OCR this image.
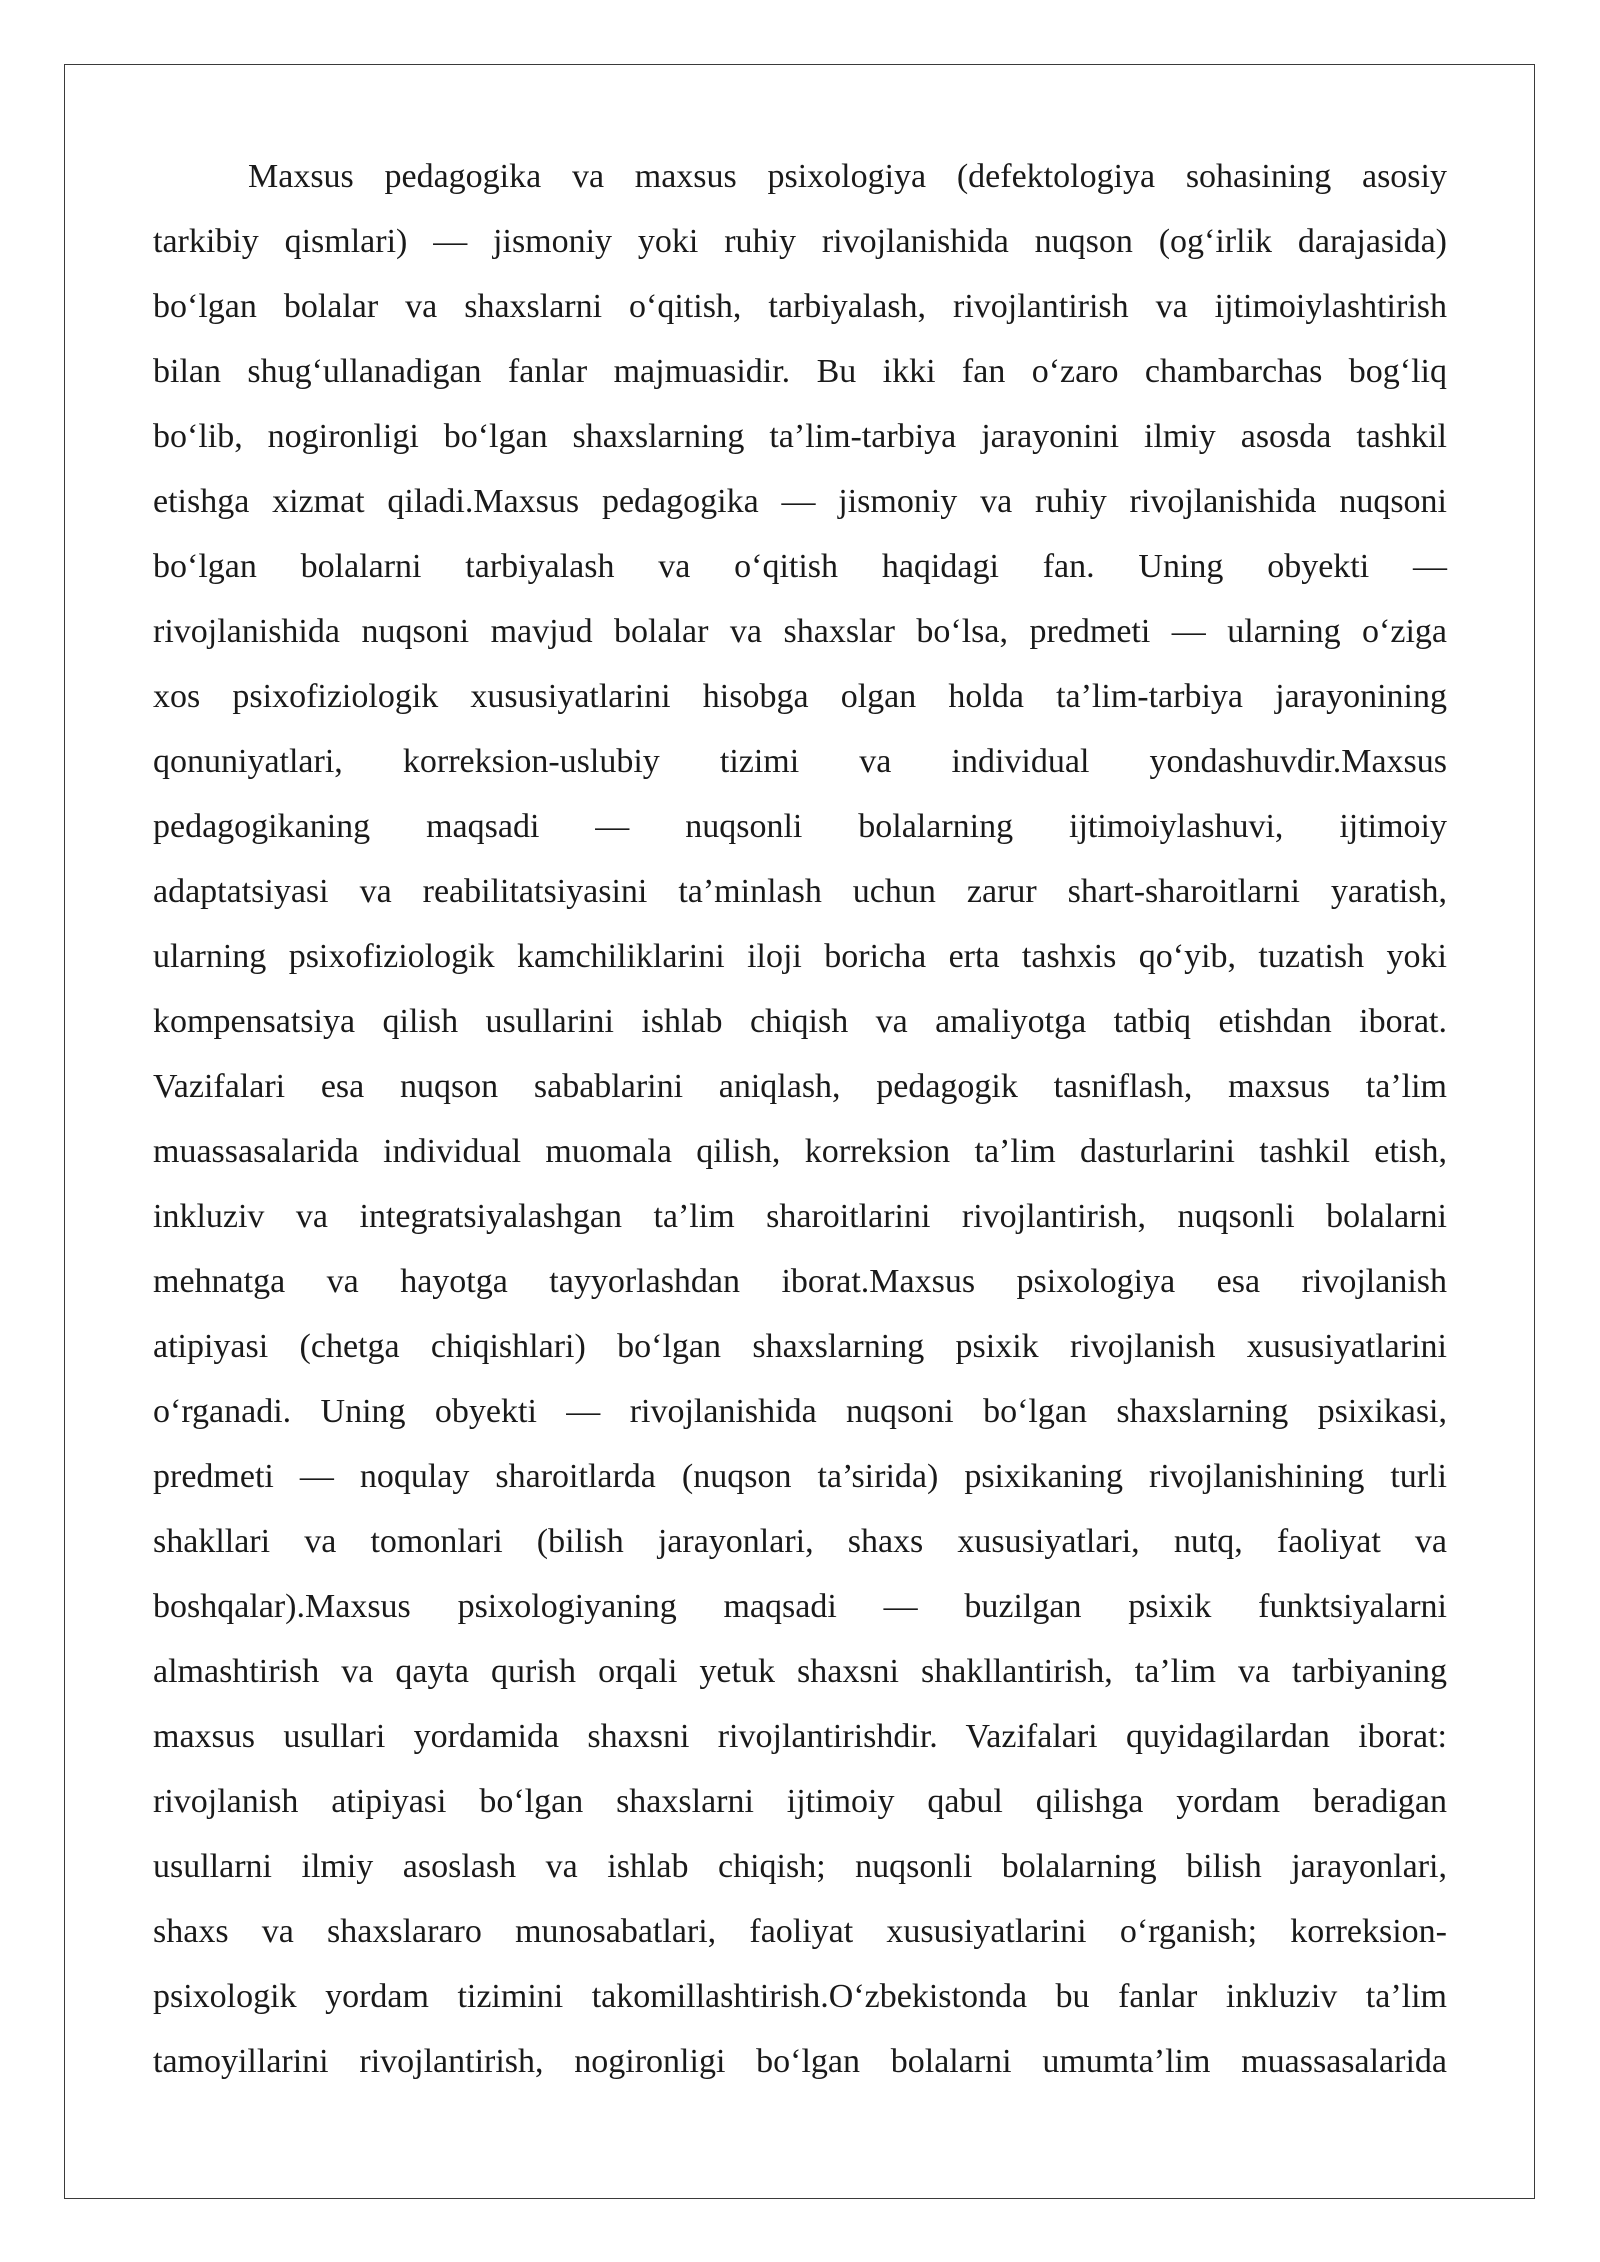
Maxsus pedagogika va maxsus psixologiya (defektologiya sohasining asosiy
tarkibiy qismlari) — jismoniy yoki ruhiy rivojlanishida nuqson (og‘irlik darajasida)
bo‘lgan bolalar va shaxslarni o‘qitish, tarbiyalash, rivojlantirish va ijtimoiylashtirish
bilan shug‘ullanadigan fanlar majmuasidir. Bu ikki fan o‘zaro chambarchas bog‘liq
bo‘lib, nogironligi bo‘lgan shaxslarning ta’lim-tarbiya jarayonini ilmiy asosda tashkil
etishga xizmat qiladi.Maxsus pedagogika — jismoniy va ruhiy rivojlanishida nuqsoni
bo‘lgan bolalarni tarbiyalash va o‘qitish haqidagi fan. Uning obyekti —
rivojlanishida nuqsoni mavjud bolalar va shaxslar bo‘lsa, predmeti — ularning o‘ziga
xos psixofiziologik xususiyatlarini hisobga olgan holda ta’lim-tarbiya jarayonining
qonuniyatlari, korreksion-uslubiy tizimi va individual yondashuvdir.Maxsus
pedagogikaning maqsadi — nuqsonli bolalarning ijtimoiylashuvi, ijtimoiy
adaptatsiyasi va reabilitatsiyasini ta’minlash uchun zarur shart-sharoitlarni yaratish,
ularning psixofiziologik kamchiliklarini iloji boricha erta tashxis qo‘yib, tuzatish yoki
kompensatsiya qilish usullarini ishlab chiqish va amaliyotga tatbiq etishdan iborat.
Vazifalari esa nuqson sabablarini aniqlash, pedagogik tasniflash, maxsus ta’lim
muassasalarida individual muomala qilish, korreksion ta’lim dasturlarini tashkil etish,
inkluziv va integratsiyalashgan ta’lim sharoitlarini rivojlantirish, nuqsonli bolalarni
mehnatga va hayotga tayyorlashdan iborat.Maxsus psixologiya esa rivojlanish
atipiyasi (chetga chiqishlari) bo‘lgan shaxslarning psixik rivojlanish xususiyatlarini
o‘rganadi. Uning obyekti — rivojlanishida nuqsoni bo‘lgan shaxslarning psixikasi,
predmeti — noqulay sharoitlarda (nuqson ta’sirida) psixikaning rivojlanishining turli
shakllari va tomonlari (bilish jarayonlari, shaxs xususiyatlari, nutq, faoliyat va
boshqalar).Maxsus psixologiyaning maqsadi — buzilgan psixik funktsiyalarni
almashtirish va qayta qurish orqali yetuk shaxsni shakllantirish, ta’lim va tarbiyaning
maxsus usullari yordamida shaxsni rivojlantirishdir. Vazifalari quyidagilardan iborat:
rivojlanish atipiyasi bo‘lgan shaxslarni ijtimoiy qabul qilishga yordam beradigan
usullarni ilmiy asoslash va ishlab chiqish; nuqsonli bolalarning bilish jarayonlari,
shaxs va shaxslararo munosabatlari, faoliyat xususiyatlarini o‘rganish; korreksion-
psixologik yordam tizimini takomillashtirish.O‘zbekistonda bu fanlar inkluziv ta’lim
tamoyillarini rivojlantirish, nogironligi bo‘lgan bolalarni umumta’lim muassasalarida
